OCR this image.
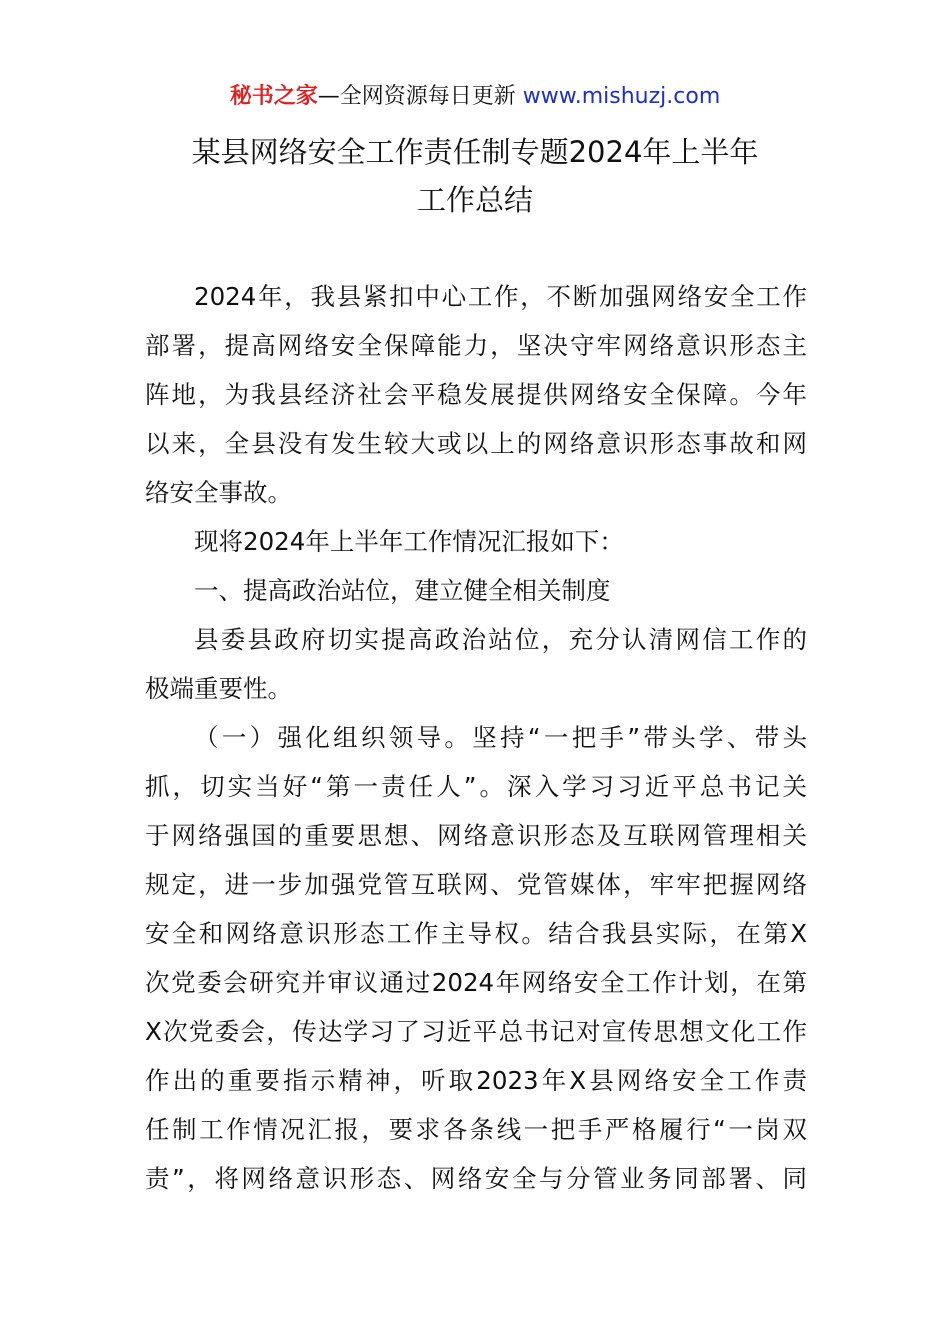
秘书之家—全网资源每日更新 www.mishuzj.com
某县网络安全工作责任制专题2024年上半年
工作总结
2024年，我县紧扣中心工作，不断加强网络安全工作
部署，提高网络安全保障能力，坚决守牢网络意识形态主
阵地，为我县经济社会平稳发展提供网络安全保障。今年
以来，全县没有发生较大或以上的网络意识形态事故和网
络安全事故。
现将2024年上半年工作情况汇报如下：
一、提高政治站位，建立健全相关制度
县委县政府切实提高政治站位，充分认清网信工作的
极端重要性。
（一）强化组织领导。坚持“一把手”带头学、带头
抓，切实当好“第一责任人”。深入学习习近平总书记关
于网络强国的重要思想、网络意识形态及互联网管理相关
规定，进一步加强党管互联网、党管媒体，牢牢把握网络
安全和网络意识形态工作主导权。结合我县实际，在第X
次党委会研究并审议通过2024年网络安全工作计划，在第
X次党委会，传达学习了习近平总书记对宣传思想文化工作
作出的重要指示精神，听取2023年X县网络安全工作责
任制工作情况汇报，要求各条线一把手严格履行“一岗双
责”，将网络意识形态、网络安全与分管业务同部署、同
